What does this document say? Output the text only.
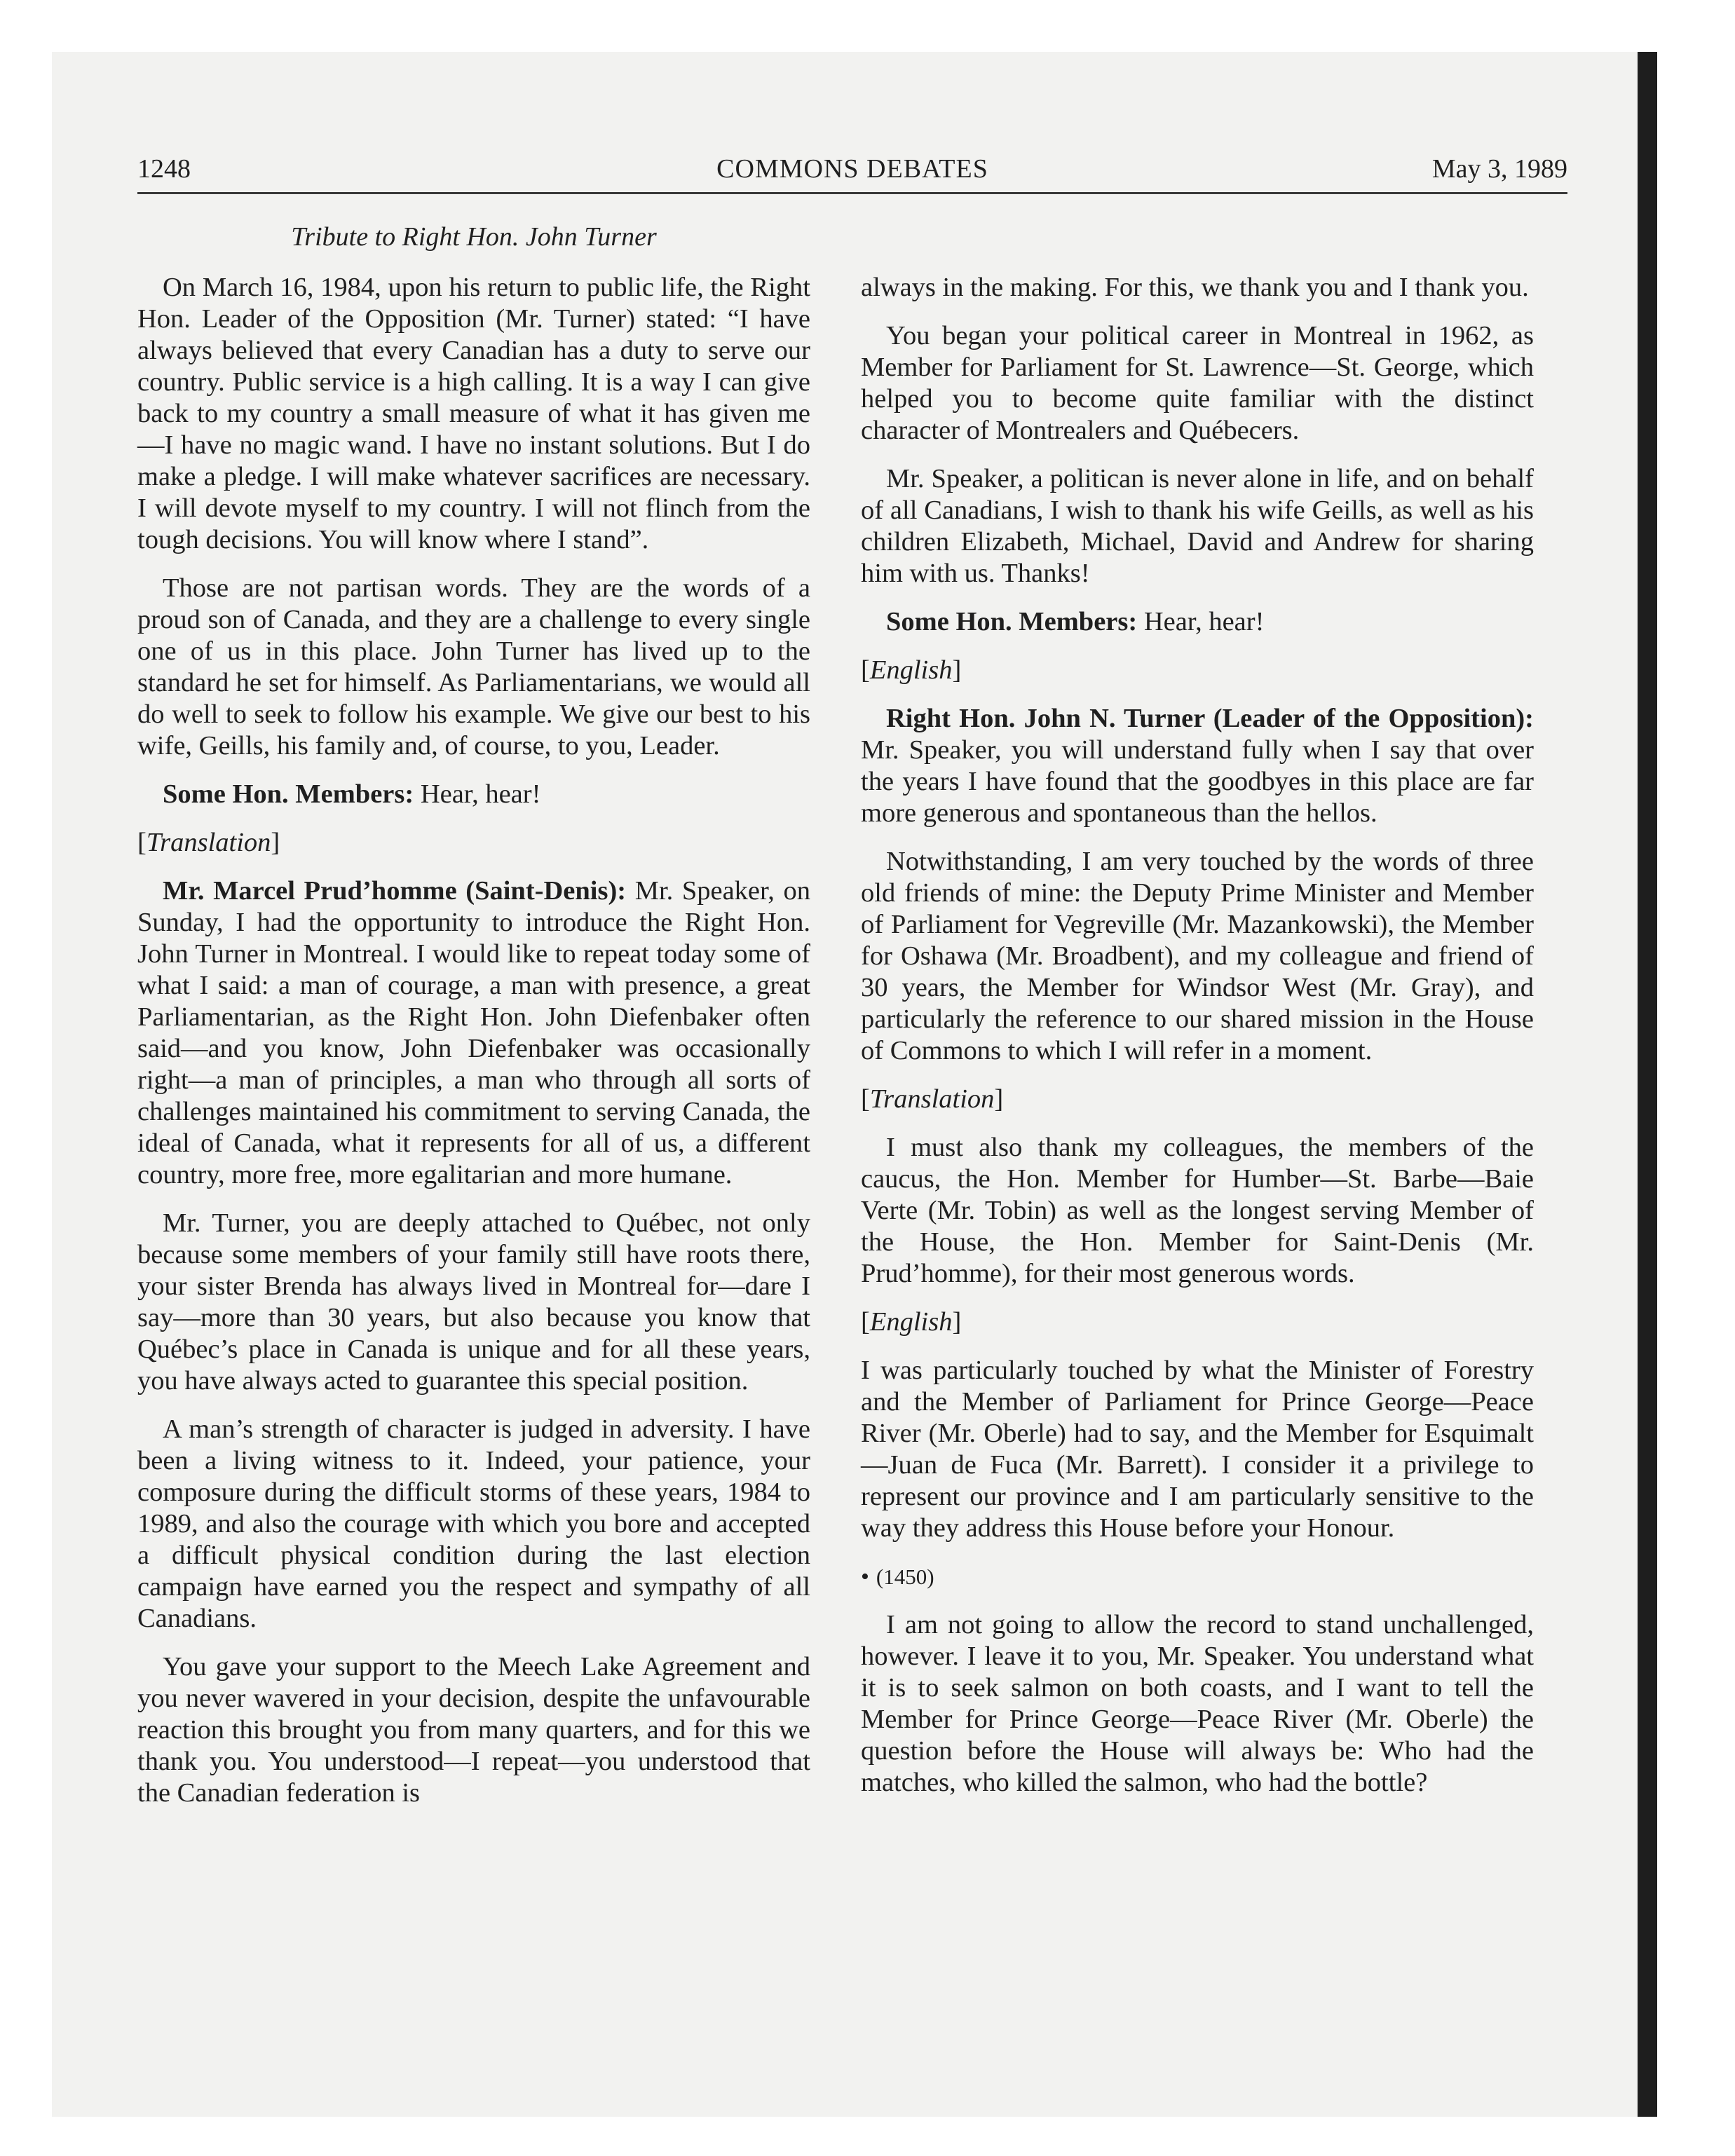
COMMONS DEBATES
1248	May 3, 1989
Tribute to Right Hon. John Turner

On March 16, 1984, upon his return to public life, the Right Hon. Leader of the Opposition (Mr. Turner) stated: “I have always believed that every Canadian has a duty to serve our country. Public service is a high calling. It is a way I can give back to my country a small measure of what it has given me—I have no magic wand. I have no instant solutions. But I do make a pledge. I will make whatever sacrifices are necessary. I will devote myself to my country. I will not flinch from the tough decisions. You will know where I stand”.

Those are not partisan words. They are the words of a proud son of Canada, and they are a challenge to every single one of us in this place. John Turner has lived up to the standard he set for himself. As Parliamentarians, we would all do well to seek to follow his example. We give our best to his wife, Geills, his family and, of course, to you, Leader.

Some Hon. Members: Hear, hear!

[Translation]

Mr. Marcel Prud’homme (Saint-Denis): Mr. Speaker, on Sunday, I had the opportunity to introduce the Right Hon. John Turner in Montreal. I would like to repeat today some of what I said: a man of courage, a man with presence, a great Parliamentarian, as the Right Hon. John Diefenbaker often said—and you know, John Diefenbaker was occasionally right—a man of principles, a man who through all sorts of challenges maintained his commitment to serving Canada, the ideal of Canada, what it represents for all of us, a different country, more free, more egalitarian and more humane.

Mr. Turner, you are deeply attached to Québec, not only because some members of your family still have roots there, your sister Brenda has always lived in Montreal for—dare I say—more than 30 years, but also because you know that Québec’s place in Canada is unique and for all these years, you have always acted to guarantee this special position.

A man’s strength of character is judged in adversity. I have been a living witness to it. Indeed, your patience, your composure during the difficult storms of these years, 1984 to 1989, and also the courage with which you bore and accepted a difficult physical condition during the last election campaign have earned you the respect and sympathy of all Canadians.

You gave your support to the Meech Lake Agreement and you never wavered in your decision, despite the unfavourable reaction this brought you from many quarters, and for this we thank you. You understood—I repeat—you understood that the Canadian federation is

always in the making. For this, we thank you and I thank you.

You began your political career in Montreal in 1962, as Member for Parliament for St. Lawrence—St. George, which helped you to become quite familiar with the distinct character of Montrealers and Québecers.

Mr. Speaker, a politican is never alone in life, and on behalf of all Canadians, I wish to thank his wife Geills, as well as his children Elizabeth, Michael, David and Andrew for sharing him with us. Thanks!

Some Hon. Members: Hear, hear!

[English]

Right Hon. John N. Turner (Leader of the Opposition): Mr. Speaker, you will understand fully when I say that over the years I have found that the goodbyes in this place are far more generous and spontaneous than the hellos.

Notwithstanding, I am very touched by the words of three old friends of mine: the Deputy Prime Minister and Member of Parliament for Vegreville (Mr. Mazankowski), the Member for Oshawa (Mr. Broadbent), and my colleague and friend of 30 years, the Member for Windsor West (Mr. Gray), and particularly the reference to our shared mission in the House of Commons to which I will refer in a moment.

[Translation]

I must also thank my colleagues, the members of the caucus, the Hon. Member for Humber—St. Barbe—Baie Verte (Mr. Tobin) as well as the longest serving Member of the House, the Hon. Member for Saint-Denis (Mr. Prud’homme), for their most generous words.

[English]

I was particularly touched by what the Minister of Forestry and the Member of Parliament for Prince George—Peace River (Mr. Oberle) had to say, and the Member for Esquimalt—Juan de Fuca (Mr. Barrett). I consider it a privilege to represent our province and I am particularly sensitive to the way they address this House before your Honour.

• (1450)

I am not going to allow the record to stand unchallenged, however. I leave it to you, Mr. Speaker. You understand what it is to seek salmon on both coasts, and I want to tell the Member for Prince George—Peace River (Mr. Oberle) the question before the House will always be: Who had the matches, who killed the salmon, who had the bottle?
